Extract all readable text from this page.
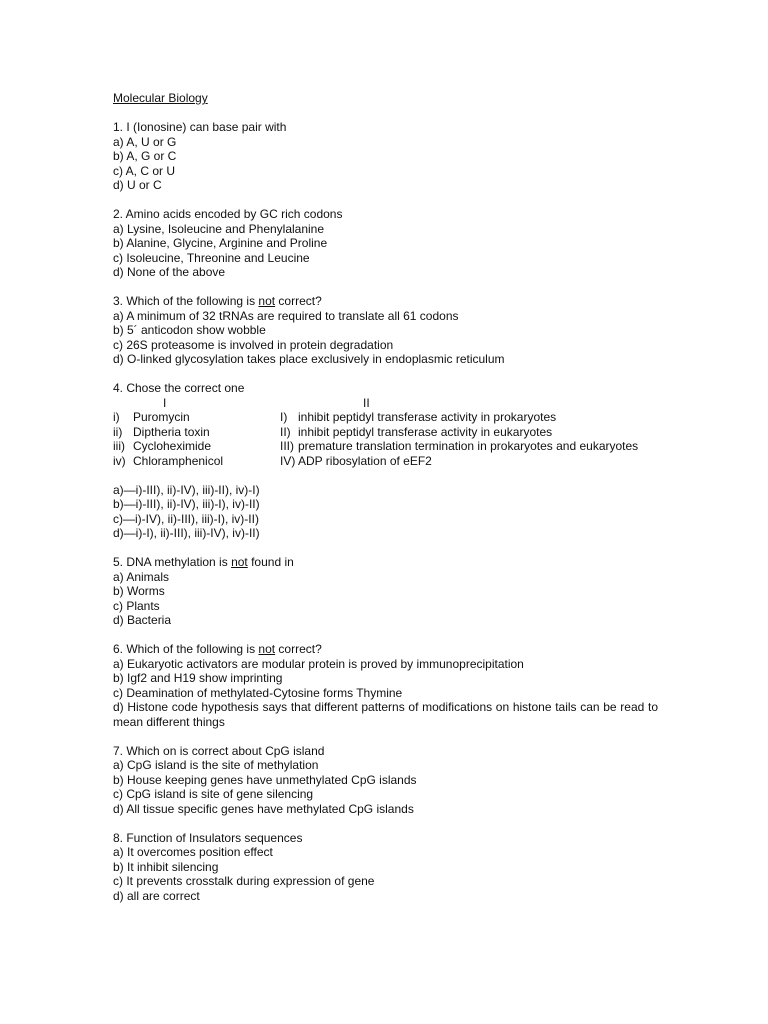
Molecular Biology
1. I (Ionosine) can base pair with
a) A, U or G
b) A, G or C
c) A, C or U
d) U or C
2. Amino acids encoded by GC rich codons
a) Lysine, Isoleucine and Phenylalanine
b) Alanine, Glycine, Arginine and Proline
c) Isoleucine, Threonine and Leucine
d) None of the above
3. Which of the following is not correct?
a) A minimum of 32 tRNAs are required to translate all 61 codons
b) 5´ anticodon show wobble
c) 26S proteasome is involved in protein degradation
d) O-linked glycosylation takes place exclusively in endoplasmic reticulum
4. Chose the correct one
I	II
i) Puromycin	I) inhibit peptidyl transferase activity in prokaryotes
ii) Diptheria toxin	II) inhibit peptidyl transferase activity in eukaryotes
iii) Cycloheximide	III) premature translation termination in prokaryotes and eukaryotes
iv) Chloramphenicol	IV) ADP ribosylation of eEF2
a)—i)-III), ii)-IV), iii)-II), iv)-I)
b)—i)-III), ii)-IV), iii)-I), iv)-II)
c)—i)-IV), ii)-III), iii)-I), iv)-II)
d)—i)-I), ii)-III), iii)-IV), iv)-II)
5. DNA methylation is not found in
a) Animals
b) Worms
c) Plants
d) Bacteria
6. Which of the following is not correct?
a) Eukaryotic activators are modular protein is proved by immunoprecipitation
b) Igf2 and H19 show imprinting
c) Deamination of methylated-Cytosine forms Thymine
d) Histone code hypothesis says that different patterns of modifications on histone tails can be read to mean different things
7. Which on is correct about CpG island
a) CpG island is the site of methylation
b) House keeping genes have unmethylated CpG islands
c) CpG island is site of gene silencing
d) All tissue specific genes have methylated CpG islands
8. Function of Insulators sequences
a) It overcomes position effect
b) It inhibit silencing
c) It prevents crosstalk during expression of gene
d) all are correct
